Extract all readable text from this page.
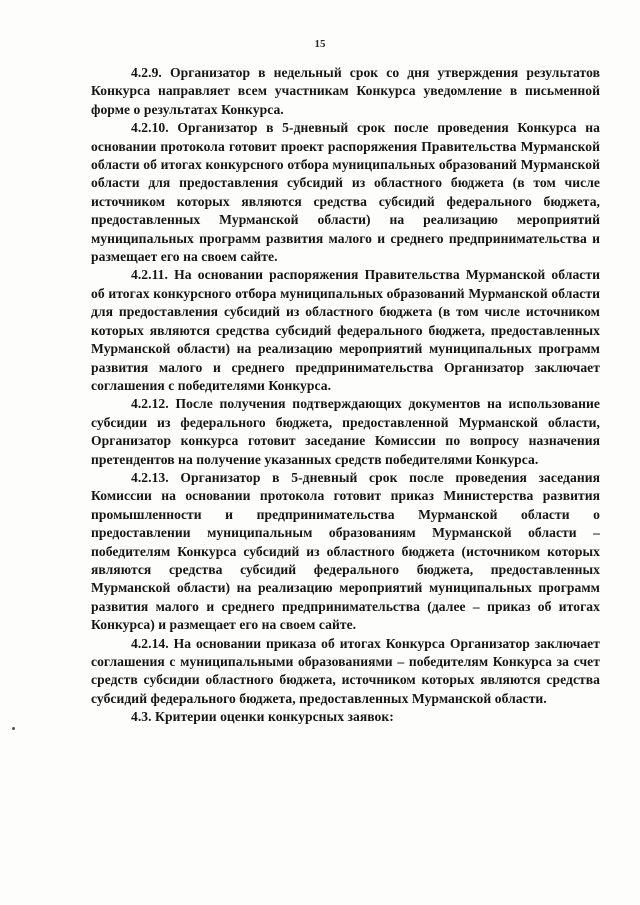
15

4.2.9. Организатор в недельный срок со дня утверждения результатов Конкурса направляет всем участникам Конкурса уведомление в письменной форме о результатах Конкурса.

4.2.10. Организатор в 5-дневный срок после проведения Конкурса на основании протокола готовит проект распоряжения Правительства Мурманской области об итогах конкурсного отбора муниципальных образований Мурманской области для предоставления субсидий из областного бюджета (в том числе источником которых являются средства субсидий федерального бюджета, предоставленных Мурманской области) на реализацию мероприятий муниципальных программ развития малого и среднего предпринимательства и размещает его на своем сайте.

4.2.11. На основании распоряжения Правительства Мурманской области об итогах конкурсного отбора муниципальных образований Мурманской области для предоставления субсидий из областного бюджета (в том числе источником которых являются средства субсидий федерального бюджета, предоставленных Мурманской области) на реализацию мероприятий муниципальных программ развития малого и среднего предпринимательства Организатор заключает соглашения с победителями Конкурса.

4.2.12. После получения подтверждающих документов на использование субсидии из федерального бюджета, предоставленной Мурманской области, Организатор конкурса готовит заседание Комиссии по вопросу назначения претендентов на получение указанных средств победителями Конкурса.

4.2.13. Организатор в 5-дневный срок после проведения заседания Комиссии на основании протокола готовит приказ Министерства развития промышленности и предпринимательства Мурманской области о предоставлении муниципальным образованиям Мурманской области – победителям Конкурса субсидий из областного бюджета (источником которых являются средства субсидий федерального бюджета, предоставленных Мурманской области) на реализацию мероприятий муниципальных программ развития малого и среднего предпринимательства (далее – приказ об итогах Конкурса) и размещает его на своем сайте.

4.2.14. На основании приказа об итогах Конкурса Организатор заключает соглашения с муниципальными образованиями – победителям Конкурса за счет средств субсидии областного бюджета, источником которых являются средства субсидий федерального бюджета, предоставленных Мурманской области.

4.3. Критерии оценки конкурсных заявок:
